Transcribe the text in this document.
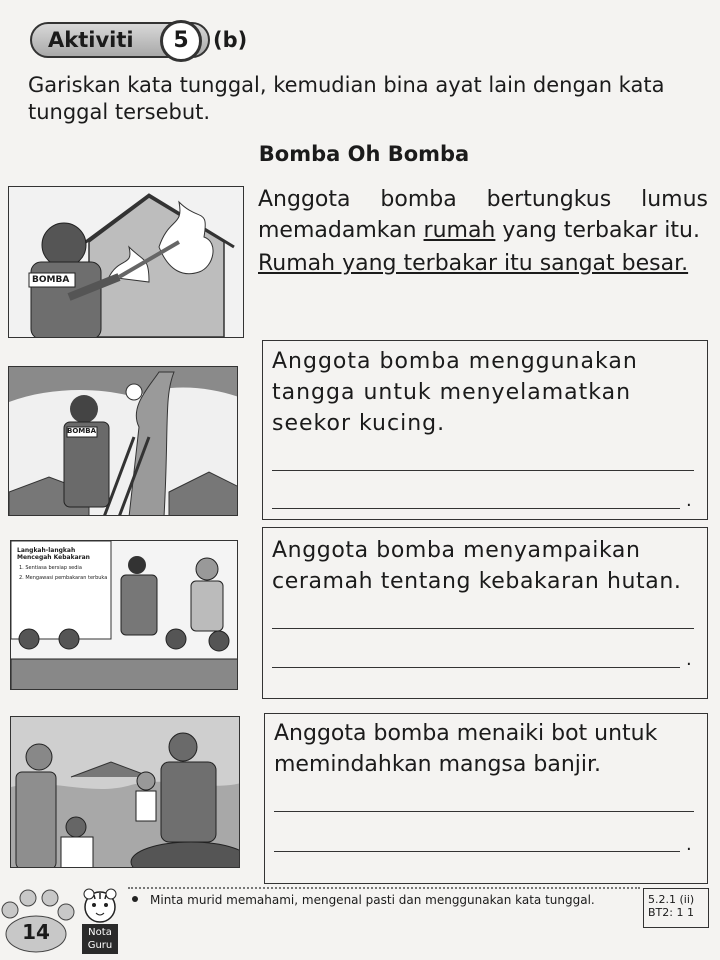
Aktiviti	5	(b)
Gariskan kata tunggal, kemudian bina ayat lain dengan kata tunggal tersebut.
Bomba Oh Bomba
BOMBA
Anggota bomba bertungkus lumus memadamkan rumah yang terbakar itu.
Rumah yang terbakar itu sangat besar.
BOMBA
Anggota bomba menggunakan tangga untuk menyelamatkan seekor kucing.
.
Langkah-langkah Mencegah Kebakaran
1. Sentiasa bersiap sedia
2. Mengawasi pembakaran terbuka
Anggota bomba menyampaikan ceramah tentang kebakaran hutan.
.
Anggota bomba menaiki bot untuk memindahkan mangsa banjir.
.
14	Nota
Guru
Minta murid memahami, mengenal pasti dan menggunakan kata tunggal.	5.2.1 (ii)
BT2: 1 1
